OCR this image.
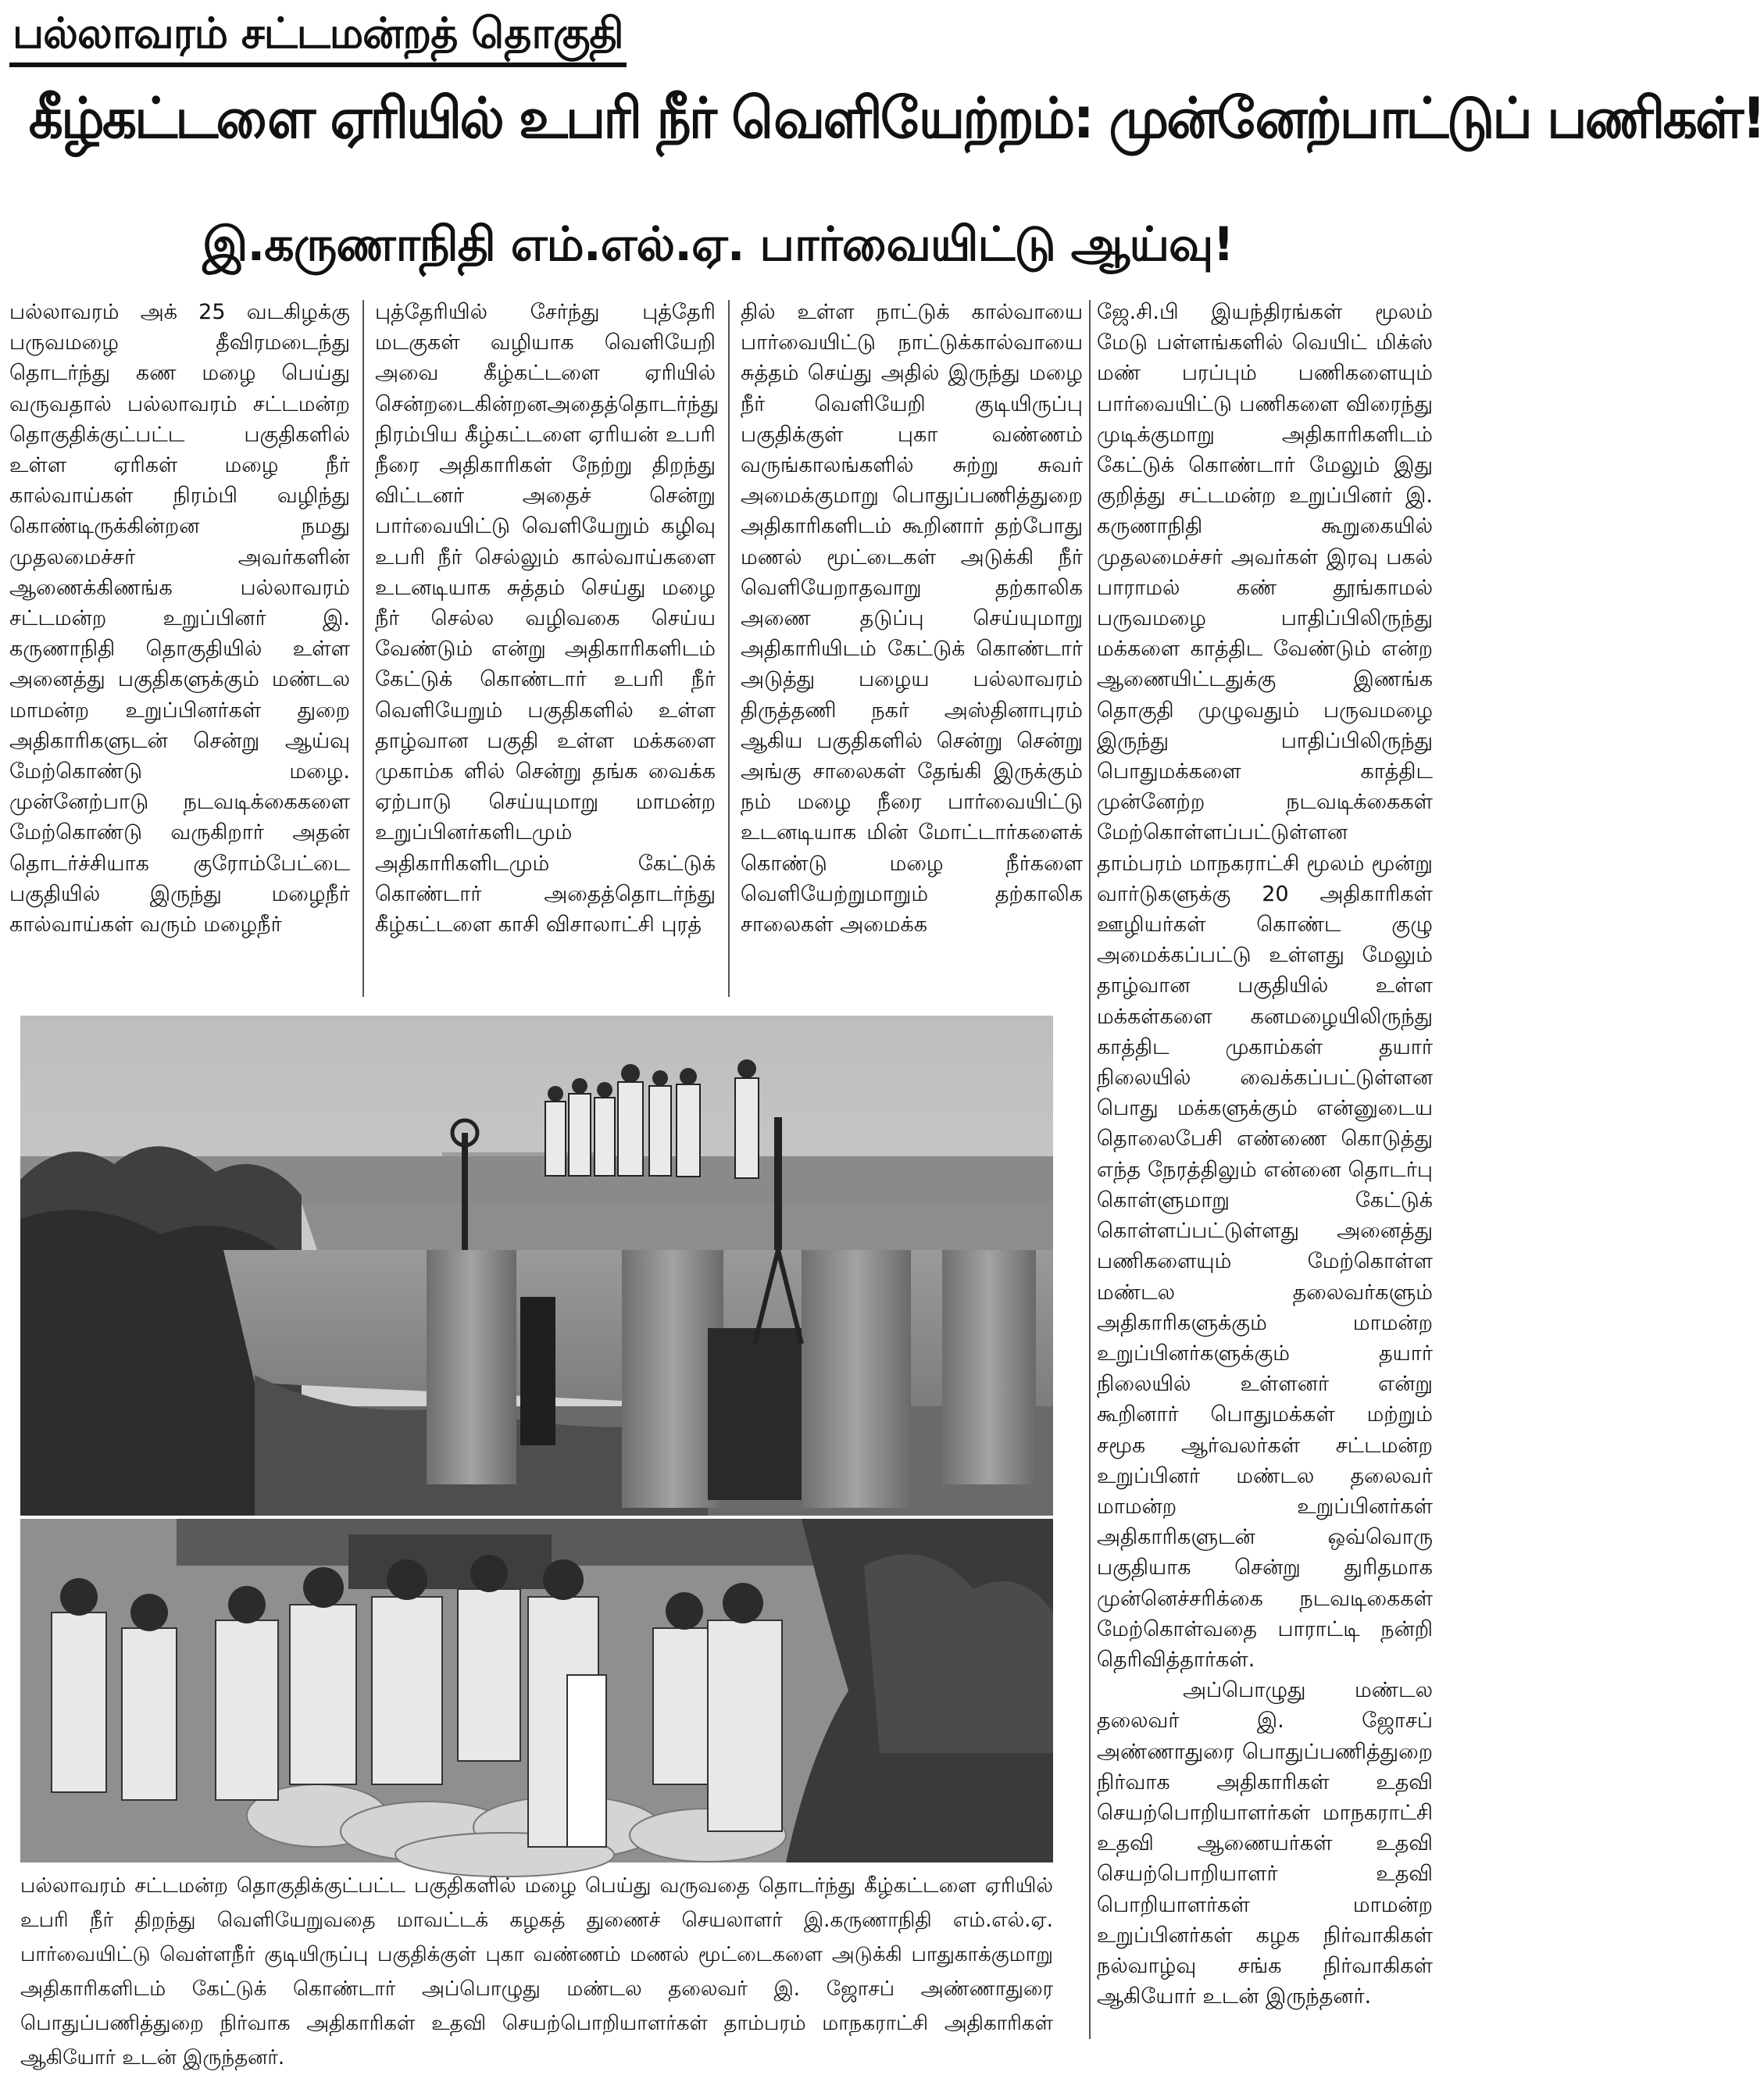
பல்லாவரம் சட்டமன்றத் தொகுதி
கீழ்கட்டளை ஏரியில் உபரி நீர் வெளியேற்றம்: முன்னேற்பாட்டுப் பணிகள்!
இ.கருணாநிதி எம்.எல்.ஏ. பார்வையிட்டு ஆய்வு!

பல்லாவரம் அக் 25 வடகிழக்கு பருவமழை தீவிரமடைந்து தொடர்ந்து கண மழை பெய்து வருவதால் பல்லாவரம் சட்டமன்ற தொகுதிக்குட்பட்ட பகுதிகளில் உள்ள ஏரிகள் மழை நீர் கால்வாய்கள் நிரம்பி வழிந்து கொண்டிருக்கின்றன நமது முதலமைச்சர் அவர்களின் ஆணைக்கிணங்க பல்லாவரம் சட்டமன்ற உறுப்பினர் இ. கருணாநிதி தொகுதியில் உள்ள அனைத்து பகுதிகளுக்கும் மண்டல மாமன்ற உறுப்பினர்கள் துறை அதிகாரிகளுடன் சென்று ஆய்வு மேற்கொண்டு மழை. முன்னேற்பாடு நடவடிக்கைகளை மேற்கொண்டு வருகிறார் அதன் தொடர்ச்சியாக குரோம்பேட்டை பகுதியில் இருந்து மழைநீர் கால்வாய்கள் வரும் மழைநீர்

புத்தேரியில் சேர்ந்து புத்தேரி மடகுகள் வழியாக வெளியேறி அவை கீழ்கட்டளை ஏரியில் சென்றடைகின்றனஅதைத்தொடர்ந்து நிரம்பிய கீழ்கட்டளை ஏரியன் உபரி நீரை அதிகாரிகள் நேற்று திறந்து விட்டனர் அதைச் சென்று பார்வையிட்டு வெளியேறும் கழிவு உபரி நீர் செல்லும் கால்வாய்களை உடனடியாக சுத்தம் செய்து மழை நீர் செல்ல வழிவகை செய்ய வேண்டும் என்று அதிகாரிகளிடம் கேட்டுக் கொண்டார் உபரி நீர் வெளியேறும் பகுதிகளில் உள்ள தாழ்வான பகுதி உள்ள மக்களை முகாம்க ளில் சென்று தங்க வைக்க ஏற்பாடு செய்யுமாறு மாமன்ற உறுப்பினர்களிடமும் அதிகாரிகளிடமும் கேட்டுக் கொண்டார் அதைத்தொடர்ந்து கீழ்கட்டளை காசி விசாலாட்சி புரத்

தில் உள்ள நாட்டுக் கால்வாயை பார்வையிட்டு நாட்டுக்கால்வாயை சுத்தம் செய்து அதில் இருந்து மழை நீர் வெளியேறி குடியிருப்பு பகுதிக்குள் புகா வண்ணம் வருங்காலங்களில் சுற்று சுவர் அமைக்குமாறு பொதுப்பணித்துறை அதிகாரிகளிடம் கூறினார் தற்போது மணல் மூட்டைகள் அடுக்கி நீர் வெளியேறாதவாறு தற்காலிக அணை தடுப்பு செய்யுமாறு அதிகாரியிடம் கேட்டுக் கொண்டார் அடுத்து பழைய பல்லாவரம் திருத்தணி நகர் அஸ்தினாபுரம் ஆகிய பகுதிகளில் சென்று சென்று அங்கு சாலைகள் தேங்கி இருக்கும் நம் மழை நீரை பார்வையிட்டு உடனடியாக மின் மோட்டார்களைக் கொண்டு மழை நீர்களை வெளியேற்றுமாறும் தற்காலிக சாலைகள் அமைக்க

ஜே.சி.பி இயந்திரங்கள் மூலம் மேடு பள்ளங்களில் வெயிட் மிக்ஸ் மண் பரப்பும் பணிகளையும் பார்வையிட்டு பணிகளை விரைந்து முடிக்குமாறு அதிகாரிகளிடம் கேட்டுக் கொண்டார் மேலும் இது குறித்து சட்டமன்ற உறுப்பினர் இ. கருணாநிதி கூறுகையில் முதலமைச்சர் அவர்கள் இரவு பகல் பாராமல் கண் தூங்காமல் பருவமழை பாதிப்பிலிருந்து மக்களை காத்திட வேண்டும் என்ற ஆணையிட்டதுக்கு இணங்க தொகுதி முழுவதும் பருவமழை இருந்து பாதிப்பிலிருந்து பொதுமக்களை காத்திட முன்னேற்ற நடவடிக்கைகள் மேற்கொள்ளப்பட்டுள்ளன தாம்பரம் மாநகராட்சி மூலம் மூன்று வார்டுகளுக்கு 20 அதிகாரிகள் ஊழியர்கள் கொண்ட குழு அமைக்கப்பட்டு உள்ளது மேலும் தாழ்வான பகுதியில் உள்ள மக்கள்களை கனமழையிலிருந்து காத்திட முகாம்கள் தயார் நிலையில் வைக்கப்பட்டுள்ளன பொது மக்களுக்கும் என்னுடைய தொலைபேசி எண்ணை கொடுத்து எந்த நேரத்திலும் என்னை தொடர்பு கொள்ளுமாறு கேட்டுக் கொள்ளப்பட்டுள்ளது அனைத்து பணிகளையும் மேற்கொள்ள மண்டல தலைவர்களும் அதிகாரிகளுக்கும் மாமன்ற உறுப்பினர்களுக்கும் தயார் நிலையில் உள்ளனர் என்று கூறினார் பொதுமக்கள் மற்றும் சமூக ஆர்வலர்கள் சட்டமன்ற உறுப்பினர் மண்டல தலைவர் மாமன்ற உறுப்பினர்கள் அதிகாரிகளுடன் ஒவ்வொரு பகுதியாக சென்று துரிதமாக முன்னெச்சரிக்கை நடவடிகைகள் மேற்கொள்வதை பாராட்டி நன்றி தெரிவித்தார்கள்.

அப்பொழுது மண்டல தலைவர் இ. ஜோசப் அண்ணாதுரை பொதுப்பணித்துறை நிர்வாக அதிகாரிகள் உதவி செயற்பொறியாளர்கள் மாநகராட்சி உதவி ஆணையர்கள் உதவி செயற்பொறியாளர் உதவி பொறியாளர்கள் மாமன்ற உறுப்பினர்கள் கழக நிர்வாகிகள் நல்வாழ்வு சங்க நிர்வாகிகள் ஆகியோர் உடன் இருந்தனர்.

பல்லாவரம் சட்டமன்ற தொகுதிக்குட்பட்ட பகுதிகளில் மழை பெய்து வருவதை தொடர்ந்து கீழ்கட்டளை ஏரியில் உபரி நீர் திறந்து வெளியேறுவதை மாவட்டக் கழகத் துணைச் செயலாளர் இ.கருணாநிதி எம்.எல்.ஏ. பார்வையிட்டு வெள்ளநீர் குடியிருப்பு பகுதிக்குள் புகா வண்ணம் மணல் மூட்டைகளை அடுக்கி பாதுகாக்குமாறு அதிகாரிகளிடம் கேட்டுக் கொண்டார் அப்பொழுது மண்டல தலைவர் இ. ஜோசப் அண்ணாதுரை பொதுப்பணித்துறை நிர்வாக அதிகாரிகள் உதவி செயற்பொறியாளர்கள் தாம்பரம் மாநகராட்சி அதிகாரிகள் ஆகியோர் உடன் இருந்தனர்.
